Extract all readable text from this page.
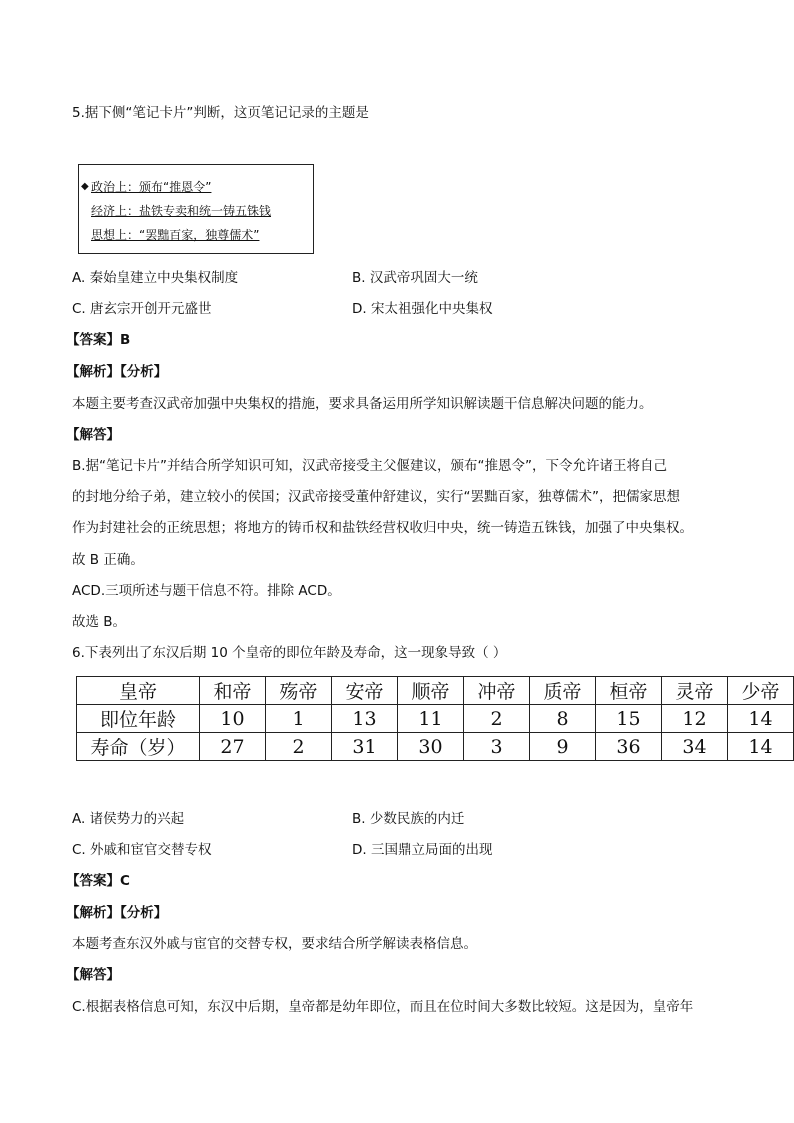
5.据下侧“笔记卡片”判断，这页笔记记录的主题是
◆ 政治上：颁布“推恩令”
经济上：盐铁专卖和统一铸五铢钱
思想上：“罢黜百家，独尊儒术”
A. 秦始皇建立中央集权制度	B. 汉武帝巩固大一统
C. 唐玄宗开创开元盛世	D. 宋太祖强化中央集权
【答案】B
【解析】【分析】
本题主要考查汉武帝加强中央集权的措施，要求具备运用所学知识解读题干信息解决问题的能力。
【解答】
B.据“笔记卡片”并结合所学知识可知，汉武帝接受主父偃建议，颁布“推恩令”，下令允许诸王将自己
的封地分给子弟，建立较小的侯国；汉武帝接受董仲舒建议，实行“罢黜百家，独尊儒术”，把儒家思想
作为封建社会的正统思想；将地方的铸币权和盐铁经营权收归中央，统一铸造五铢钱，加强了中央集权。
故 B 正确。
ACD.三项所述与题干信息不符。排除 ACD。
故选 B。
6.下表列出了东汉后期 10 个皇帝的即位年龄及寿命，这一现象导致（ ）
皇帝	和帝	殇帝	安帝	顺帝	冲帝	质帝	桓帝	灵帝	少帝
即位年龄	10	1	13	11	2	8	15	12	14
寿命（岁）	27	2	31	30	3	9	36	34	14
A. 诸侯势力的兴起	B. 少数民族的内迁
C. 外戚和宦官交替专权	D. 三国鼎立局面的出现
【答案】C
【解析】【分析】
本题考查东汉外戚与宦官的交替专权，要求结合所学解读表格信息。
【解答】
C.根据表格信息可知，东汉中后期，皇帝都是幼年即位，而且在位时间大多数比较短。这是因为，皇帝年
